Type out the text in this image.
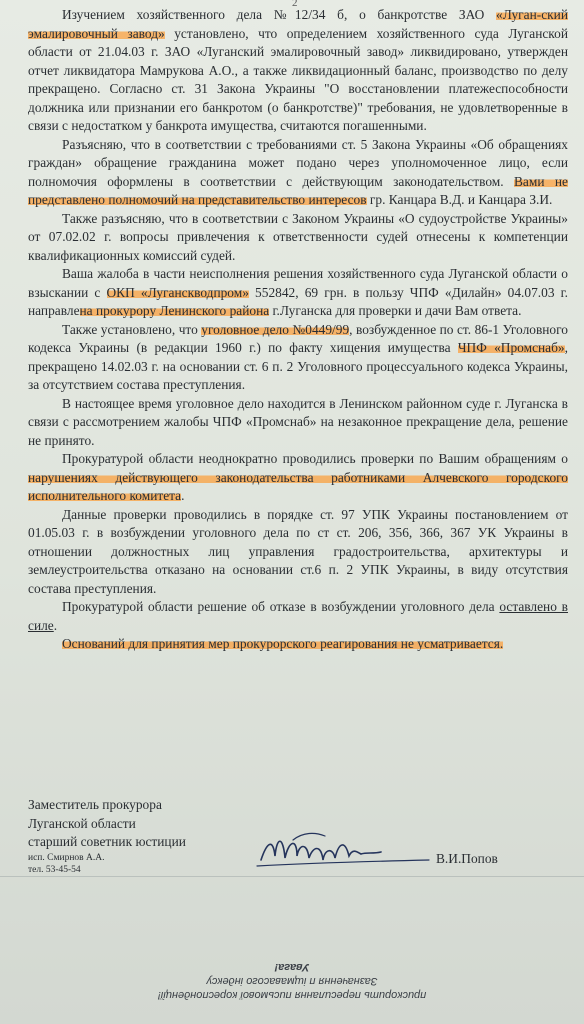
2

Изучением хозяйственного дела №12/34 б, о банкротстве ЗАО «Луган-ский эмалировочный завод» установлено, что определением хозяйственного суда Луганской области от 21.04.03 г. ЗАО «Луганский эмалировочный завод» ликвидировано, утвержден отчет ликвидатора Мамрукова А.О., а также ликвидационный баланс, производство по делу прекращено. Согласно ст. 31 Закона Украины "О восстановлении платежеспособности должника или признании его банкротом (о банкротстве)" требования, не удовлетворенные в связи с недостатком у банкрота имущества, считаются погашенными.

Разъясняю, что в соответствии с требованиями ст. 5 Закона Украины «Об обращениях граждан» обращение гражданина может подано через уполномоченное лицо, если полномочия оформлены в соответствии с действующим законодательством. Вами не представлено полномочий на представительство интересов гр. Канцара В.Д. и Канцара З.И.

Также разъясняю, что в соответствии с Законом Украины «О судоустройстве Украины» от 07.02.02 г. вопросы привлечения к ответственности судей отнесены к компетенции квалификационных комиссий судей.

Ваша жалоба в части неисполнения решения хозяйственного суда Луганской области о взыскании с ОКП «Луганскводпром» 552842, 69 грн. в пользу ЧПФ «Дилайн» 04.07.03 г. направлена прокурору Ленинского района г.Луганска для проверки и дачи Вам ответа.

Также установлено, что уголовное дело №0449/99, возбужденное по ст. 86-1 Уголовного кодекса Украины (в редакции 1960 г.) по факту хищения имущества ЧПФ «Промснаб», прекращено 14.02.03 г. на основании ст. 6 п. 2 Уголовного процессуального кодекса Украины, за отсутствием состава преступления.

В настоящее время уголовное дело находится в Ленинском районном суде г. Луганска в связи с рассмотрением жалобы ЧПФ «Промснаб» на незаконное прекращение дела, решение не принято.

Прокуратурой области неоднократно проводились проверки по Вашим обращениям о нарушениях действующего законодательства работниками Алчевского городского исполнительного комитета.

Данные проверки проводились в порядке ст. 97 УПК Украины постановлением от 01.05.03 г. в возбуждении уголовного дела по ст ст. 206, 356, 366, 367 УК Украины в отношении должностных лиц управления градостроительства, архитектуры и землеустроительства отказано на основании ст.6 п. 2 УПК Украины, в виду отсутствия состава преступления.

Прокуратурой области решение об отказе в возбуждении уголовного дела оставлено в силе.

Оснований для принятия мер прокурорского реагирования не усматривается.

Заместитель прокурора

Луганской области

старший советник юстиции

исп. Смирнов А.А.

тел. 53-45-54

В.И.Попов

прискорить пересилання письмової кореспонденції!

Зазначення п іщмавасого індексу

Увага!
